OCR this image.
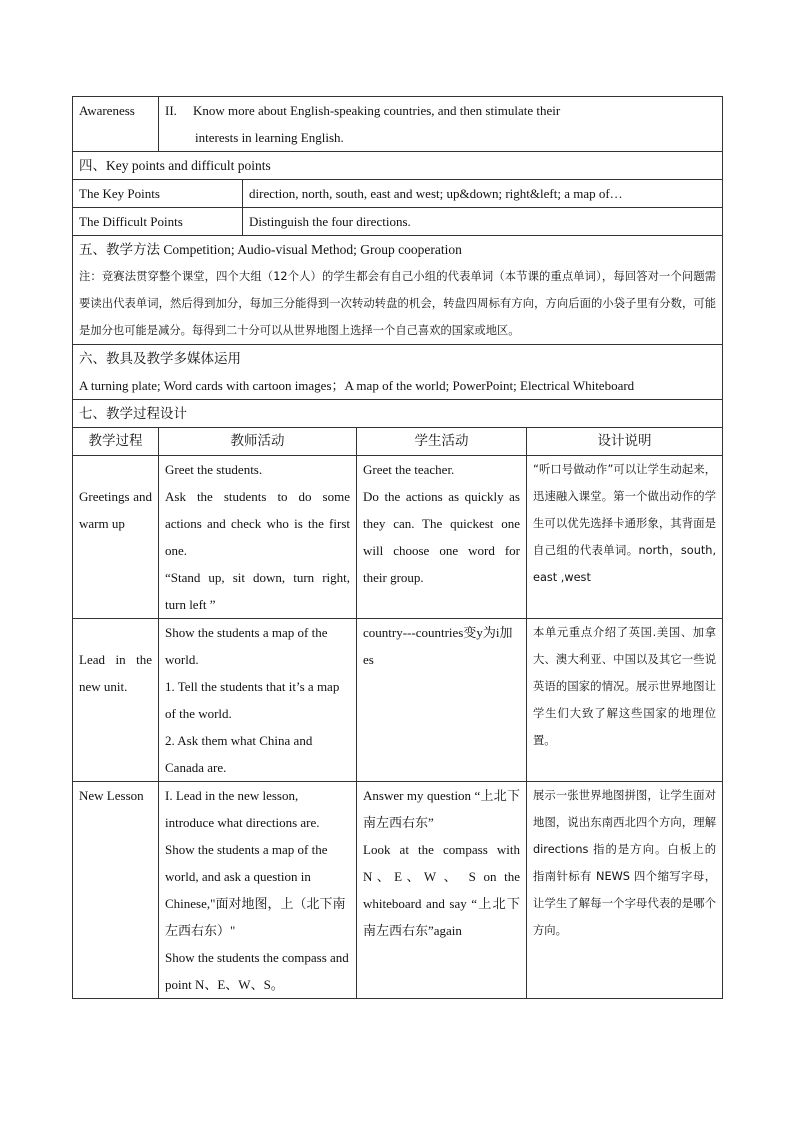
Awareness	II. Know more about English-speaking countries, and then stimulate their
interests in learning English.			

四、Key points and difficult points				
The Key Points		direction, north, south, east and west; up&down; right&left; a map of…		
The Difficult Points		Distinguish the four directions.		

五、教学方法 Competition; Audio-visual Method; Group cooperation
注：竞赛法贯穿整个课堂，四个大组（12个人）的学生都会有自己小组的代表单词（本节课的重点单词），每回答对一个问题需要读出代表单词，然后得到加分，每加三分能得到一次转动转盘的机会，转盘四周标有方向，方向后面的小袋子里有分数，可能是加分也可能是减分。每得到二十分可以从世界地图上选择一个自己喜欢的国家或地区。				

六、教具及教学多媒体运用
A turning plate; Word cards with cartoon images；A map of the world; PowerPoint; Electrical Whiteboard				

七、教学过程设计				
教学过程	教师活动		学生活动	设计说明
Greetings and warm up	Greet the students.
Ask the students to do some actions and check who is the first one.
“Stand up, sit down, turn right, turn left ”		Greet the teacher.
Do the actions as quickly as they can. The quickest one will choose one word for their group.	“听口号做动作”可以让学生动起来，迅速融入课堂。第一个做出动作的学生可以优先选择卡通形象，其背面是自己组的代表单词。north，south, east ,west
Lead in the new unit.	Show the students a map of the world.
1. Tell the students that it’s a map of the world.
2. Ask them what China and Canada are.		country---countries变y为i加es	本单元重点介绍了英国.美国、加拿大、澳大利亚、中国以及其它一些说英语的国家的情况。展示世界地图让学生们大致了解这些国家的地理位置。
New Lesson	I. Lead in the new lesson, introduce what directions are.
Show the students a map of the world, and ask a question in Chinese,"面对地图，上（北下南左西右东）"
Show the students the compass and point N、E、W、S。		Answer my question “上北下南左西右东”
Look at the compass with N、E、W 、 S on the whiteboard and say “上北下南左西右东”again	展示一张世界地图拼图，让学生面对地图，说出东南西北四个方向，理解 directions 指的是方向。白板上的指南针标有 NEWS 四个缩写字母，让学生了解每一个字母代表的是哪个方向。
